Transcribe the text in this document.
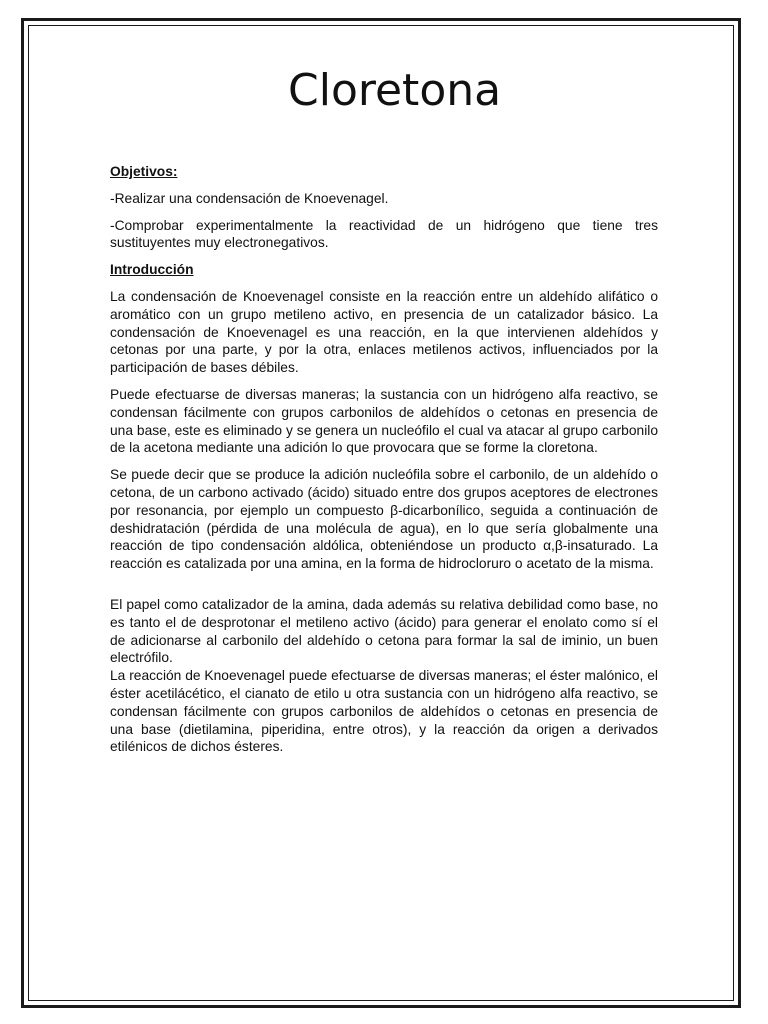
Cloretona
Objetivos:

-Realizar una condensación de Knoevenagel.

-Comprobar experimentalmente la reactividad de un hidrógeno que tiene tres sustituyentes muy electronegativos.

Introducción

La condensación de Knoevenagel consiste en la reacción entre un aldehído alifático o aromático con un grupo metileno activo, en presencia de un catalizador básico. La condensación de Knoevenagel es una reacción, en la que intervienen aldehídos y cetonas por una parte, y por la otra, enlaces metilenos activos, influenciados por la participación de bases débiles.

Puede efectuarse de diversas maneras; la sustancia con un hidrógeno alfa reactivo, se condensan fácilmente con grupos carbonilos de aldehídos o cetonas en presencia de una base, este es eliminado y se genera un nucleófilo el cual va atacar al grupo carbonilo de la acetona mediante una adición lo que provocara que se forme la cloretona.

Se puede decir que se produce la adición nucleófila sobre el carbonilo, de un aldehído o cetona, de un carbono activado (ácido) situado entre dos grupos aceptores de electrones por resonancia, por ejemplo un compuesto β-dicarbonílico, seguida a continuación de deshidratación (pérdida de una molécula de agua), en lo que sería globalmente una reacción de tipo condensación aldólica, obteniéndose un producto α,β-insaturado. La reacción es catalizada por una amina, en la forma de hidrocloruro o acetato de la misma.

El papel como catalizador de la amina, dada además su relativa debilidad como base, no es tanto el de desprotonar el metileno activo (ácido) para generar el enolato como sí el de adicionarse al carbonilo del aldehído o cetona para formar la sal de iminio, un buen electrófilo.

La reacción de Knoevenagel puede efectuarse de diversas maneras; el éster malónico, el éster acetilácético, el cianato de etilo u otra sustancia con un hidrógeno alfa reactivo, se condensan fácilmente con grupos carbonilos de aldehídos o cetonas en presencia de una base (dietilamina, piperidina, entre otros), y la reacción da origen a derivados etilénicos de dichos ésteres.
